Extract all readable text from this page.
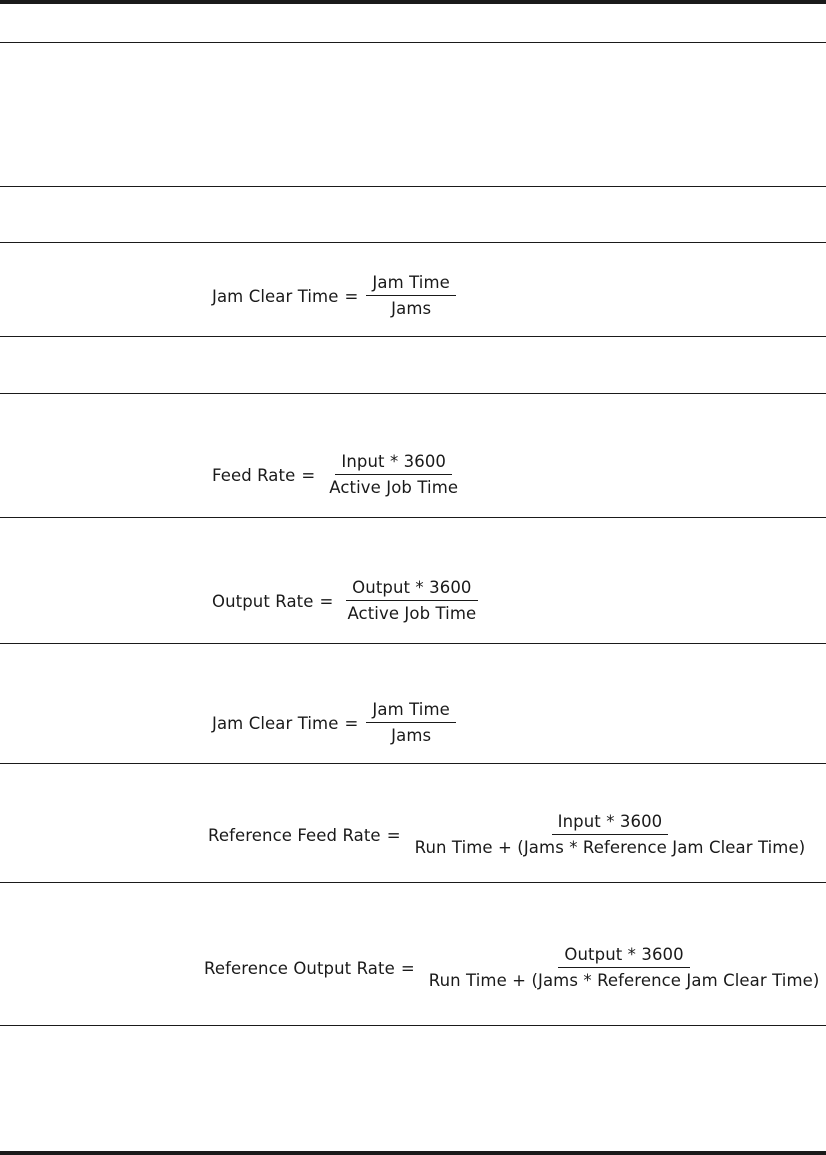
Jam Clear Time = $\frac{\text{Jam Time}}{\text{Jams}}$
Feed Rate = $\frac{\text{Input * 3600}}{\text{Active Job Time}}$
Output Rate = $\frac{\text{Output * 3600}}{\text{Active Job Time}}$
Jam Clear Time = $\frac{\text{Jam Time}}{\text{Jams}}$
Reference Feed Rate = $\frac{\text{Input * 3600}}{\text{Run Time + (Jams * Reference Jam Clear Time)}}$
Reference Output Rate = $\frac{\text{Output * 3600}}{\text{Run Time + (Jams * Reference Jam Clear Time)}}$
